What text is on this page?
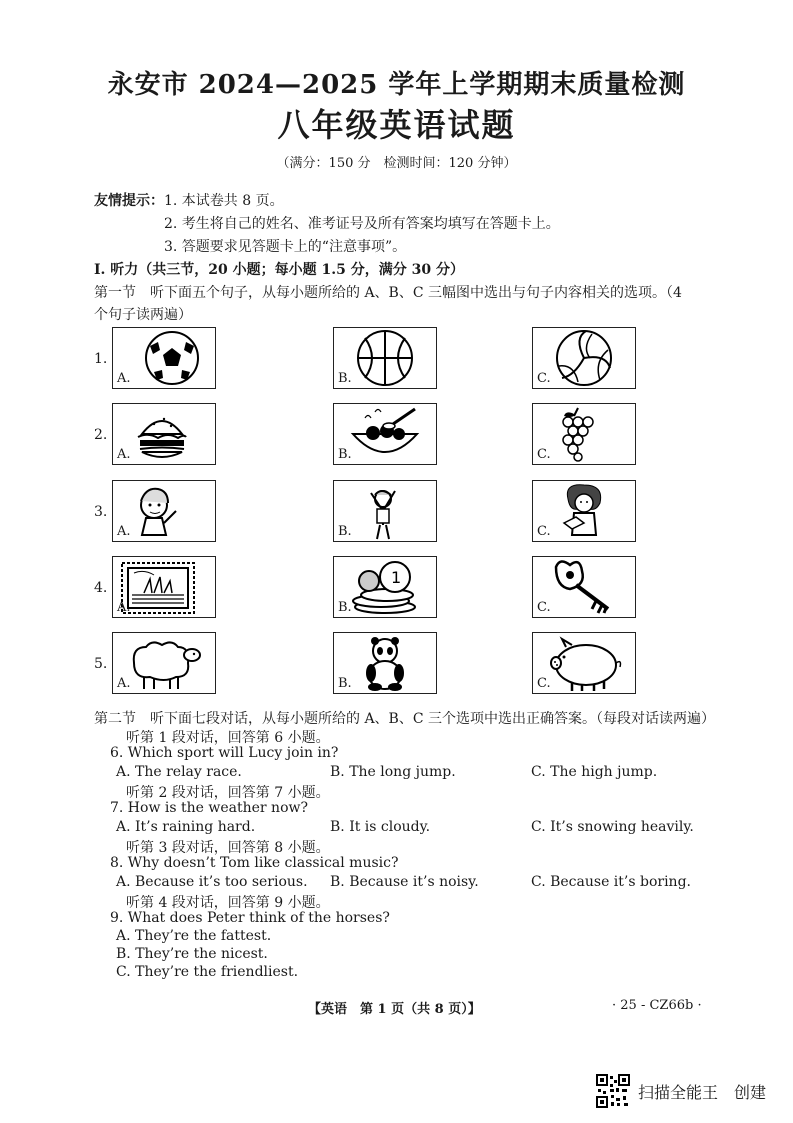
永安市 2024—2025 学年上学期期末质量检测
八年级英语试题
（满分：150 分　检测时间：120 分钟）
友情提示：1. 本试卷共 8 页。
2. 考生将自己的姓名、准考证号及所有答案均填写在答题卡上。
3. 答题要求见答题卡上的“注意事项”。
Ⅰ. 听力（共三节，20 小题；每小题 1.5 分，满分 30 分）
第一节　听下面五个句子，从每小题所给的 A、B、C 三幅图中选出与句子内容相关的选项。（4
个句子读两遍）
1.
A.	B.	C.
2.
A.	B.	C.
3.
A.	B.	C.
4.
A.
1
B.	C.
5.
A.	B.	C.
第二节　听下面七段对话，从每小题所给的 A、B、C 三个选项中选出正确答案。（每段对话读两遍）
听第 1 段对话，回答第 6 小题。
6. Which sport will Lucy join in?
A. The relay race.	B. The long jump.	C. The high jump.
听第 2 段对话，回答第 7 小题。
7. How is the weather now?
A. It’s raining hard.	B. It is cloudy.	C. It’s snowing heavily.
听第 3 段对话，回答第 8 小题。
8. Why doesn’t Tom like classical music?
A. Because it’s too serious. B. Because it’s noisy.	C. Because it’s boring.
听第 4 段对话，回答第 9 小题。
9. What does Peter think of the horses?
A. They’re the fattest.
B. They’re the nicest.
C. They’re the friendliest.
【英语　第 1 页（共 8 页）】	· 25 - CZ66b ·
扫描全能王　创建
